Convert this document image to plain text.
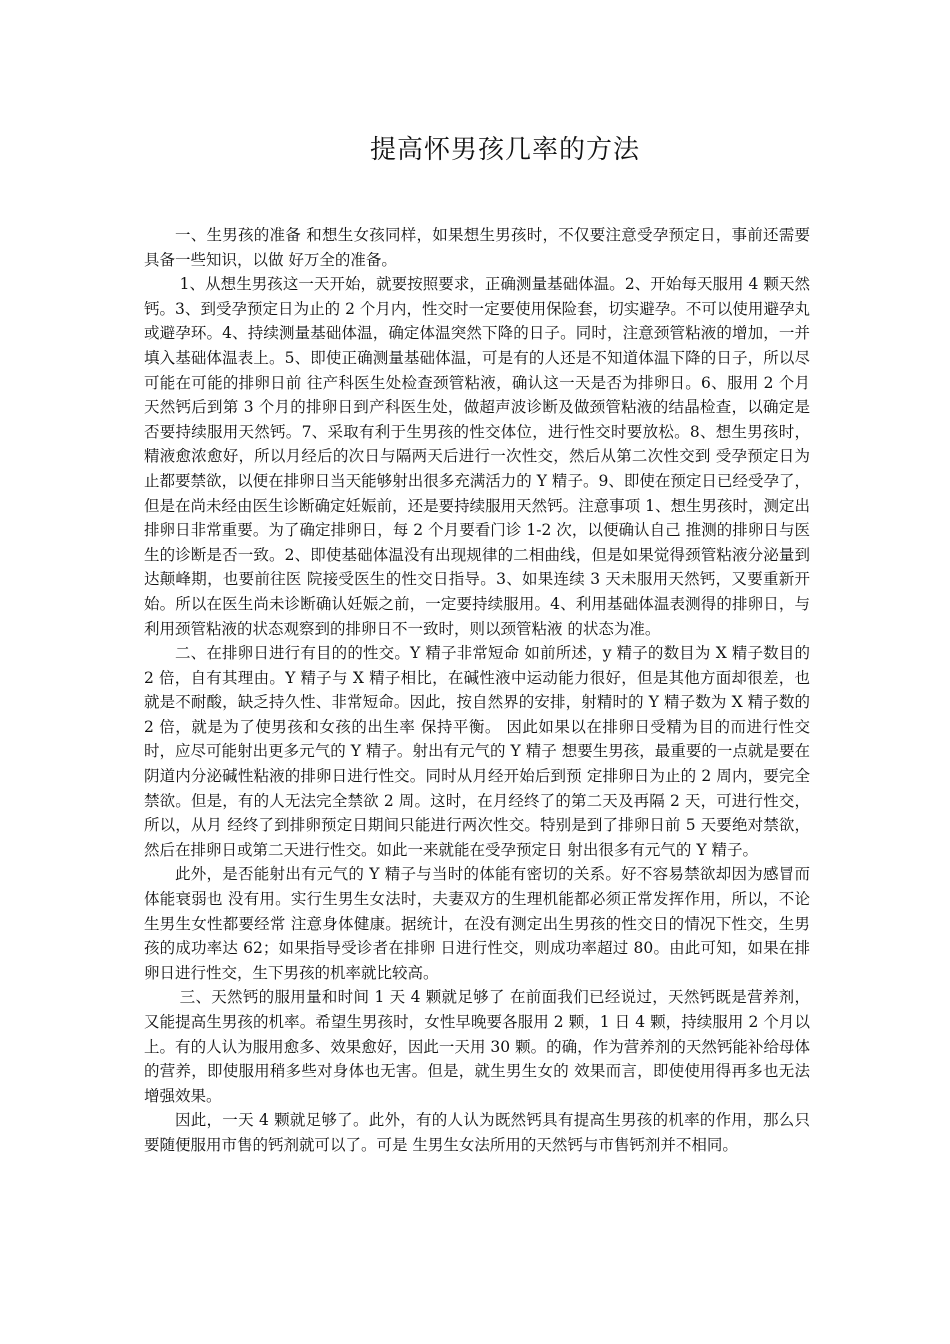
提高怀男孩几率的方法

一、生男孩的准备 和想生女孩同样，如果想生男孩时，不仅要注意受孕预定日，事前还需要具备一些知识，以做 好万全的准备。

1、从想生男孩这一天开始，就要按照要求，正确测量基础体温。2、开始每天服用 4 颗天然钙。3、到受孕预定日为止的 2 个月内，性交时一定要使用保险套，切实避孕。不可以使用避孕丸或避孕环。4、持续测量基础体温，确定体温突然下降的日子。同时，注意颈管粘液的增加，一并填入基础体温表上。5、即使正确测量基础体温，可是有的人还是不知道体温下降的日子，所以尽可能在可能的排卵日前 往产科医生处检查颈管粘液，确认这一天是否为排卵日。6、服用 2 个月天然钙后到第 3 个月的排卵日到产科医生处，做超声波诊断及做颈管粘液的结晶检查，以确定是否要持续服用天然钙。7、采取有利于生男孩的性交体位，进行性交时要放松。8、想生男孩时，精液愈浓愈好，所以月经后的次日与隔两天后进行一次性交，然后从第二次性交到 受孕预定日为止都要禁欲，以便在排卵日当天能够射出很多充满活力的 Y 精子。9、即使在预定日已经受孕了，但是在尚未经由医生诊断确定妊娠前，还是要持续服用天然钙。注意事项 1、想生男孩时，测定出排卵日非常重要。为了确定排卵日，每 2 个月要看门诊 1-2 次，以便确认自己 推测的排卵日与医生的诊断是否一致。2、即使基础体温没有出现规律的二相曲线，但是如果觉得颈管粘液分泌量到达颠峰期，也要前往医 院接受医生的性交日指导。3、如果连续 3 天未服用天然钙，又要重新开始。所以在医生尚未诊断确认妊娠之前，一定要持续服用。4、利用基础体温表测得的排卵日，与利用颈管粘液的状态观察到的排卵日不一致时，则以颈管粘液 的状态为准。

二、在排卵日进行有目的的性交。Y 精子非常短命 如前所述，y 精子的数目为 X 精子数目的 2 倍，自有其理由。Y 精子与 X 精子相比，在碱性液中运动能力很好，但是其他方面却很差，也就是不耐酸，缺乏持久性、非常短命。因此，按自然界的安排，射精时的 Y 精子数为 X 精子数的 2 倍，就是为了使男孩和女孩的出生率 保持平衡。 因此如果以在排卵日受精为目的而进行性交时，应尽可能射出更多元气的 Y 精子。射出有元气的 Y 精子 想要生男孩，最重要的一点就是要在阴道内分泌碱性粘液的排卵日进行性交。同时从月经开始后到预 定排卵日为止的 2 周内，要完全禁欲。但是，有的人无法完全禁欲 2 周。这时，在月经终了的第二天及再隔 2 天，可进行性交，所以，从月 经终了到排卵预定日期间只能进行两次性交。特别是到了排卵日前 5 天要绝对禁欲，然后在排卵日或第二天进行性交。如此一来就能在受孕预定日 射出很多有元气的 Y 精子。

此外，是否能射出有元气的 Y 精子与当时的体能有密切的关系。好不容易禁欲却因为感冒而体能衰弱也 没有用。实行生男生女法时，夫妻双方的生理机能都必须正常发挥作用，所以，不论生男生女性都要经常 注意身体健康。据统计，在没有测定出生男孩的性交日的情况下性交，生男孩的成功率达 62；如果指导受诊者在排卵 日进行性交，则成功率超过 80。由此可知，如果在排卵日进行性交，生下男孩的机率就比较高。

三、天然钙的服用量和时间 1 天 4 颗就足够了 在前面我们已经说过，天然钙既是营养剂，又能提高生男孩的机率。希望生男孩时，女性早晚要各服用 2 颗，1 日 4 颗，持续服用 2 个月以上。有的人认为服用愈多、效果愈好，因此一天用 30 颗。的确，作为营养剂的天然钙能补给母体的营养，即使服用稍多些对身体也无害。但是，就生男生女的 效果而言，即使使用得再多也无法增强效果。

因此，一天 4 颗就足够了。此外，有的人认为既然钙具有提高生男孩的机率的作用，那么只要随便服用市售的钙剂就可以了。可是 生男生女法所用的天然钙与市售钙剂并不相同。
